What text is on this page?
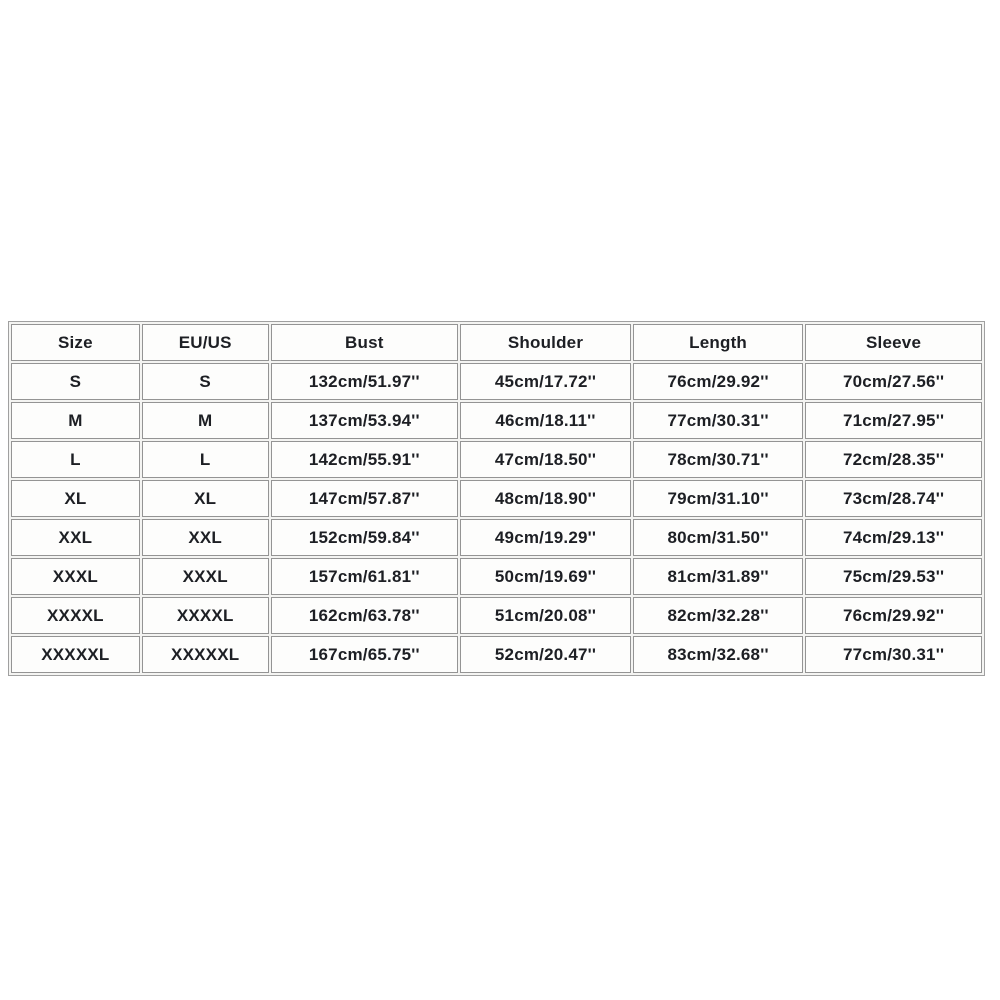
Size	EU/US	Bust	Shoulder	Length	Sleeve
S	S	132cm/51.97''	45cm/17.72''	76cm/29.92''	70cm/27.56''
M	M	137cm/53.94''	46cm/18.11''	77cm/30.31''	71cm/27.95''
L	L	142cm/55.91''	47cm/18.50''	78cm/30.71''	72cm/28.35''
XL	XL	147cm/57.87''	48cm/18.90''	79cm/31.10''	73cm/28.74''
XXL	XXL	152cm/59.84''	49cm/19.29''	80cm/31.50''	74cm/29.13''
XXXL	XXXL	157cm/61.81''	50cm/19.69''	81cm/31.89''	75cm/29.53''
XXXXL	XXXXL	162cm/63.78''	51cm/20.08''	82cm/32.28''	76cm/29.92''
XXXXXL	XXXXXL	167cm/65.75''	52cm/20.47''	83cm/32.68''	77cm/30.31''
